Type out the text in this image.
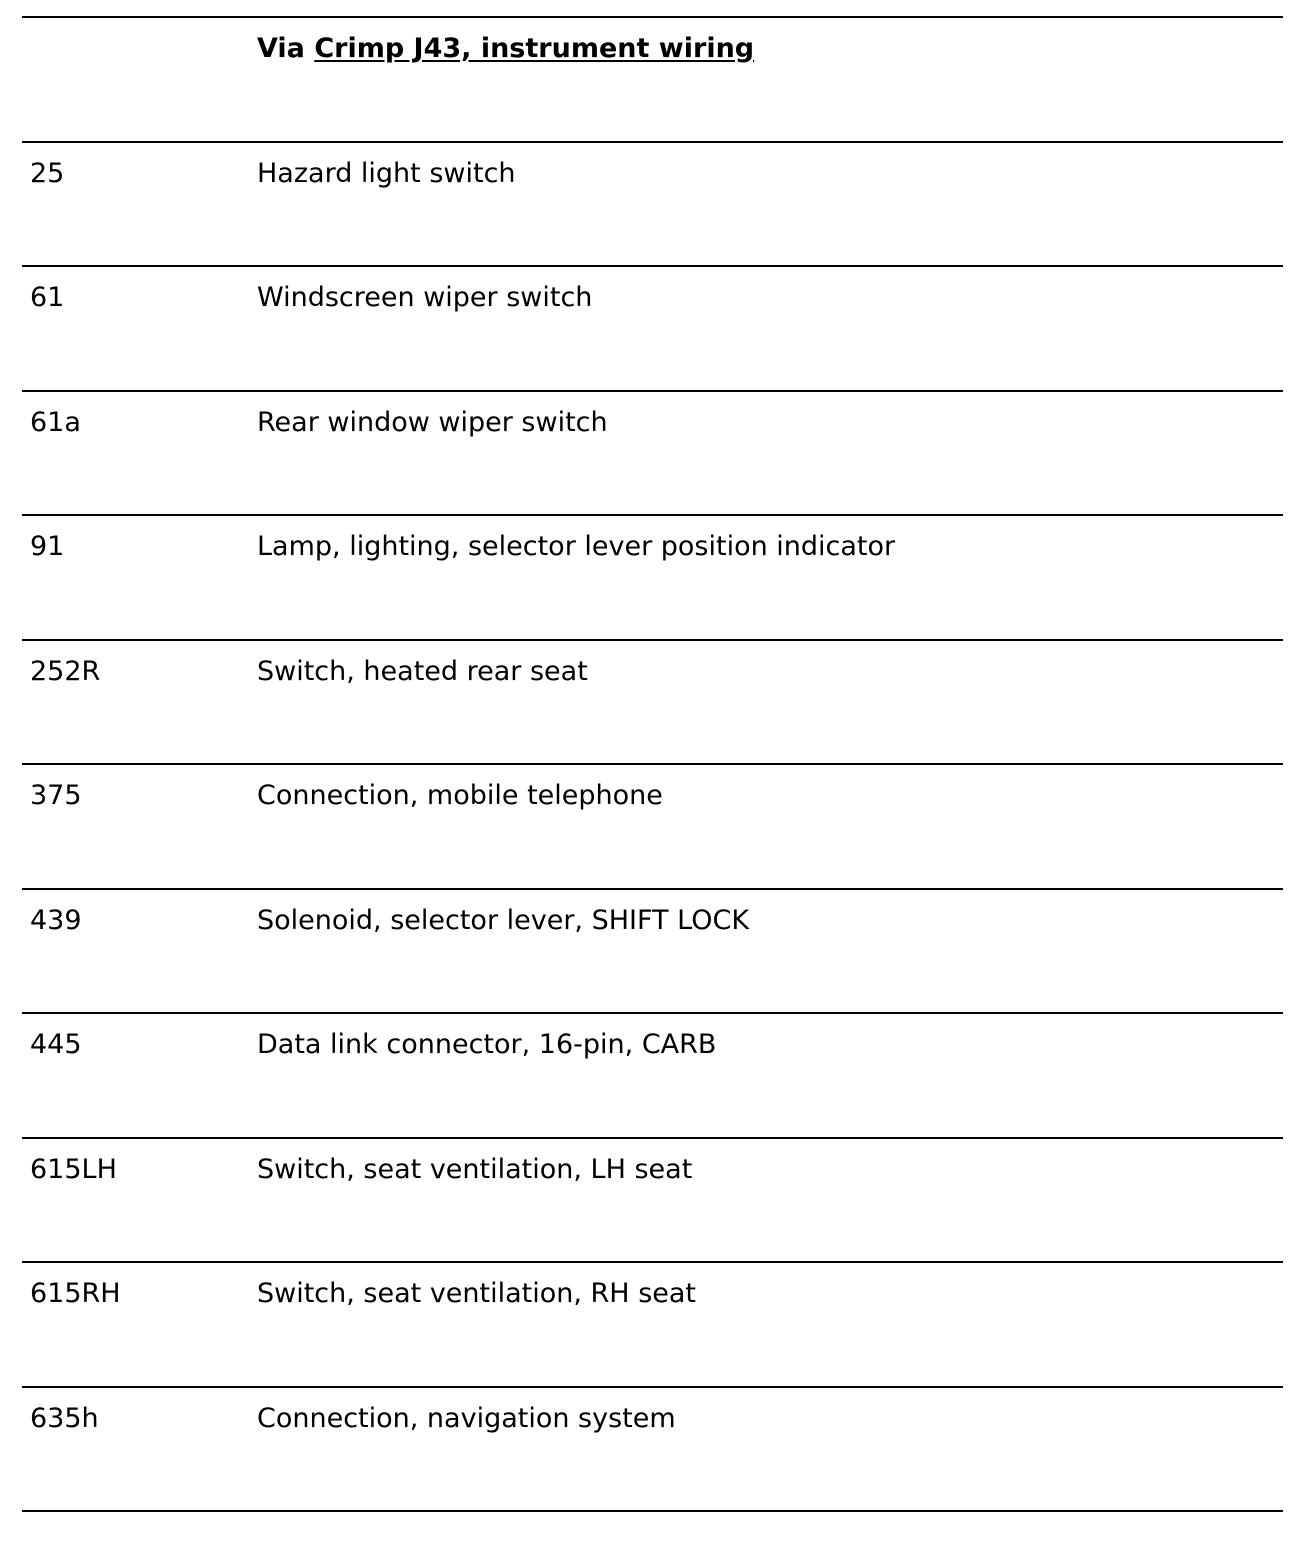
Via Crimp J43, instrument wiring
25	Hazard light switch
61	Windscreen wiper switch
61a	Rear window wiper switch
91	Lamp, lighting, selector lever position indicator
252R	Switch, heated rear seat
375	Connection, mobile telephone
439	Solenoid, selector lever, SHIFT LOCK
445	Data link connector, 16-pin, CARB
615LH	Switch, seat ventilation, LH seat
615RH	Switch, seat ventilation, RH seat
635h	Connection, navigation system
